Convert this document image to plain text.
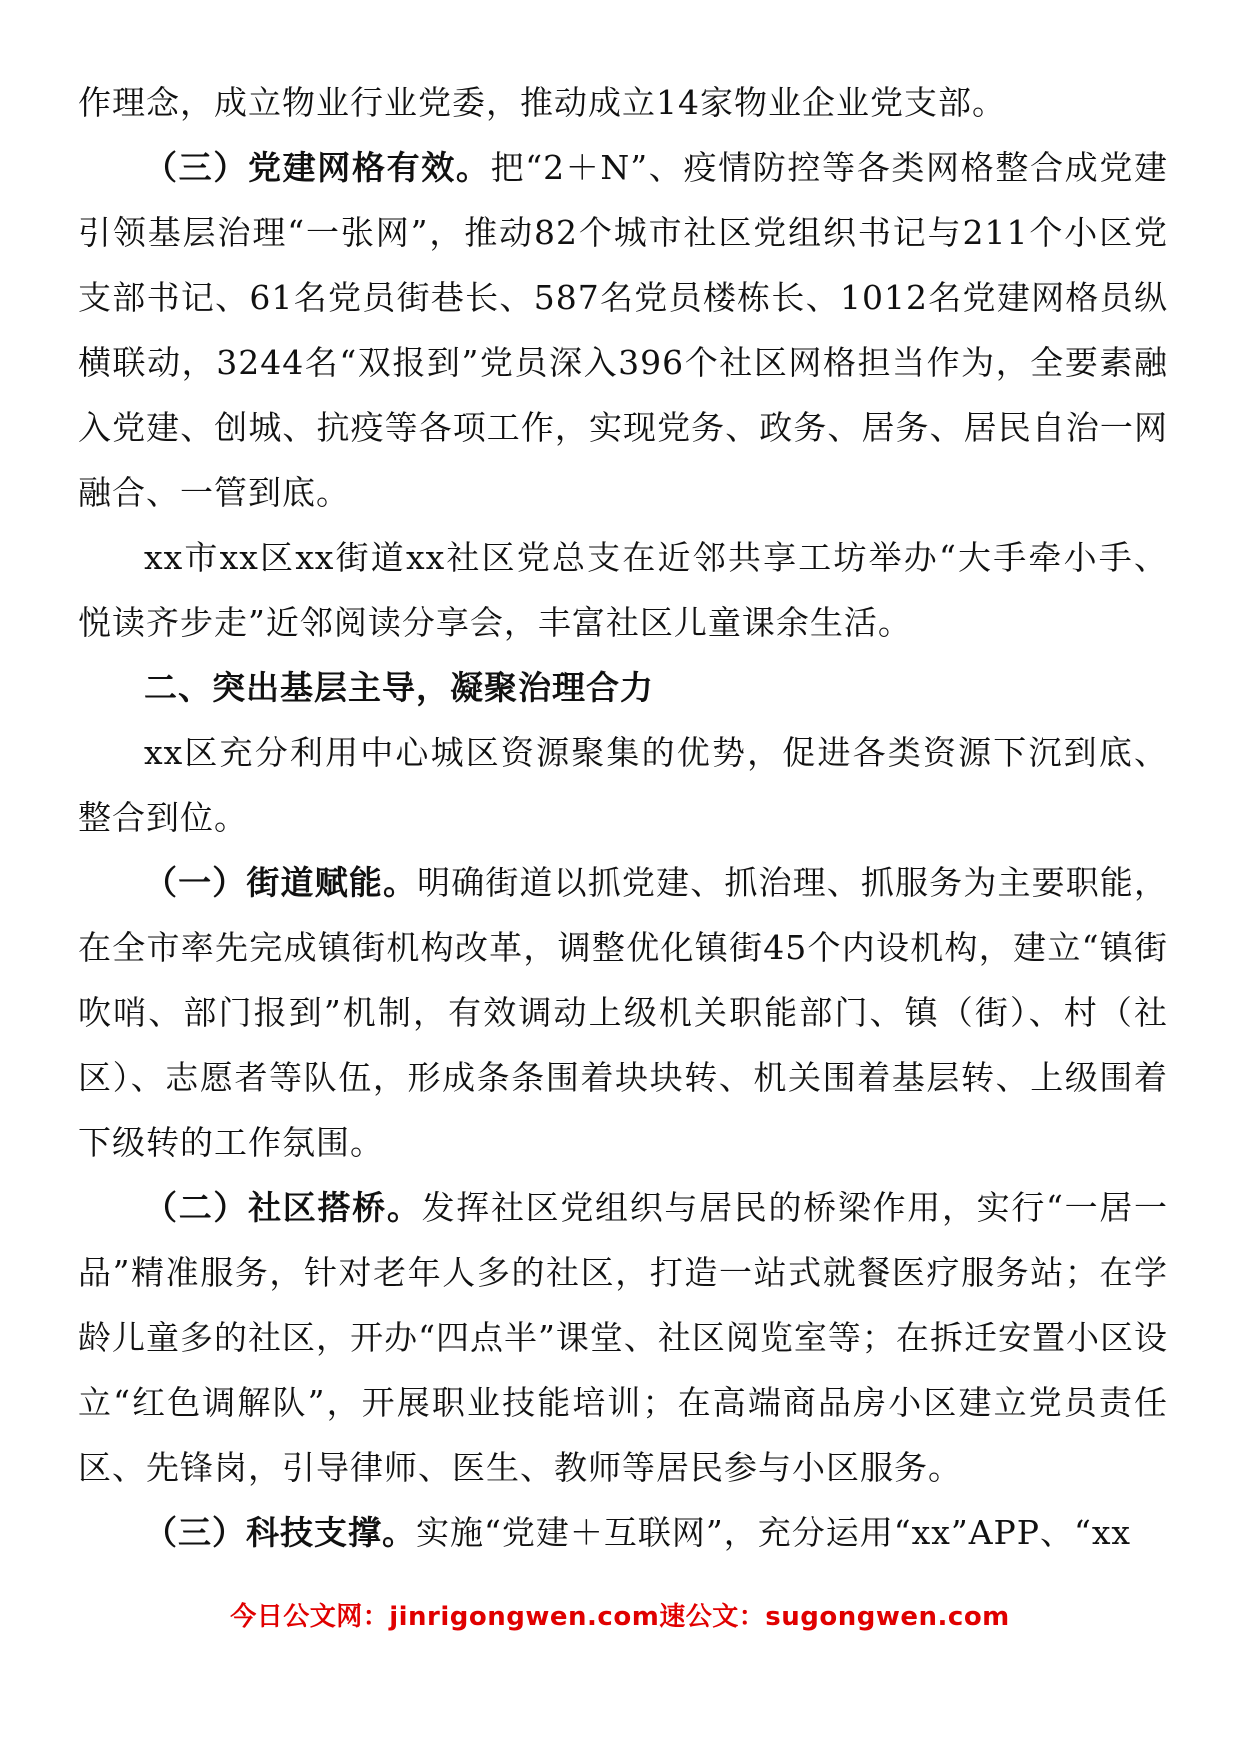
作理念，成立物业行业党委，推动成立14家物业企业党支部。

（三）党建网格有效。把“2＋N”、疫情防控等各类网格整合成党建引领基层治理“一张网”，推动82个城市社区党组织书记与211个小区党支部书记、61名党员街巷长、587名党员楼栋长、1012名党建网格员纵横联动，3244名“双报到”党员深入396个社区网格担当作为，全要素融入党建、创城、抗疫等各项工作，实现党务、政务、居务、居民自治一网融合、一管到底。

xx市xx区xx街道xx社区党总支在近邻共享工坊举办“大手牵小手、悦读齐步走”近邻阅读分享会，丰富社区儿童课余生活。

二、突出基层主导，凝聚治理合力

xx区充分利用中心城区资源聚集的优势，促进各类资源下沉到底、整合到位。

（一）街道赋能。明确街道以抓党建、抓治理、抓服务为主要职能，在全市率先完成镇街机构改革，调整优化镇街45个内设机构，建立“镇街吹哨、部门报到”机制，有效调动上级机关职能部门、镇（街）、村（社区）、志愿者等队伍，形成条条围着块块转、机关围着基层转、上级围着下级转的工作氛围。

（二）社区搭桥。发挥社区党组织与居民的桥梁作用，实行“一居一品”精准服务，针对老年人多的社区，打造一站式就餐医疗服务站；在学龄儿童多的社区，开办“四点半”课堂、社区阅览室等；在拆迁安置小区设立“红色调解队”，开展职业技能培训；在高端商品房小区建立党员责任区、先锋岗，引导律师、医生、教师等居民参与小区服务。

（三）科技支撑。实施“党建＋互联网”，充分运用“xx”APP、“xx

今日公文网：jinrigongwen.com速公文：sugongwen.com
